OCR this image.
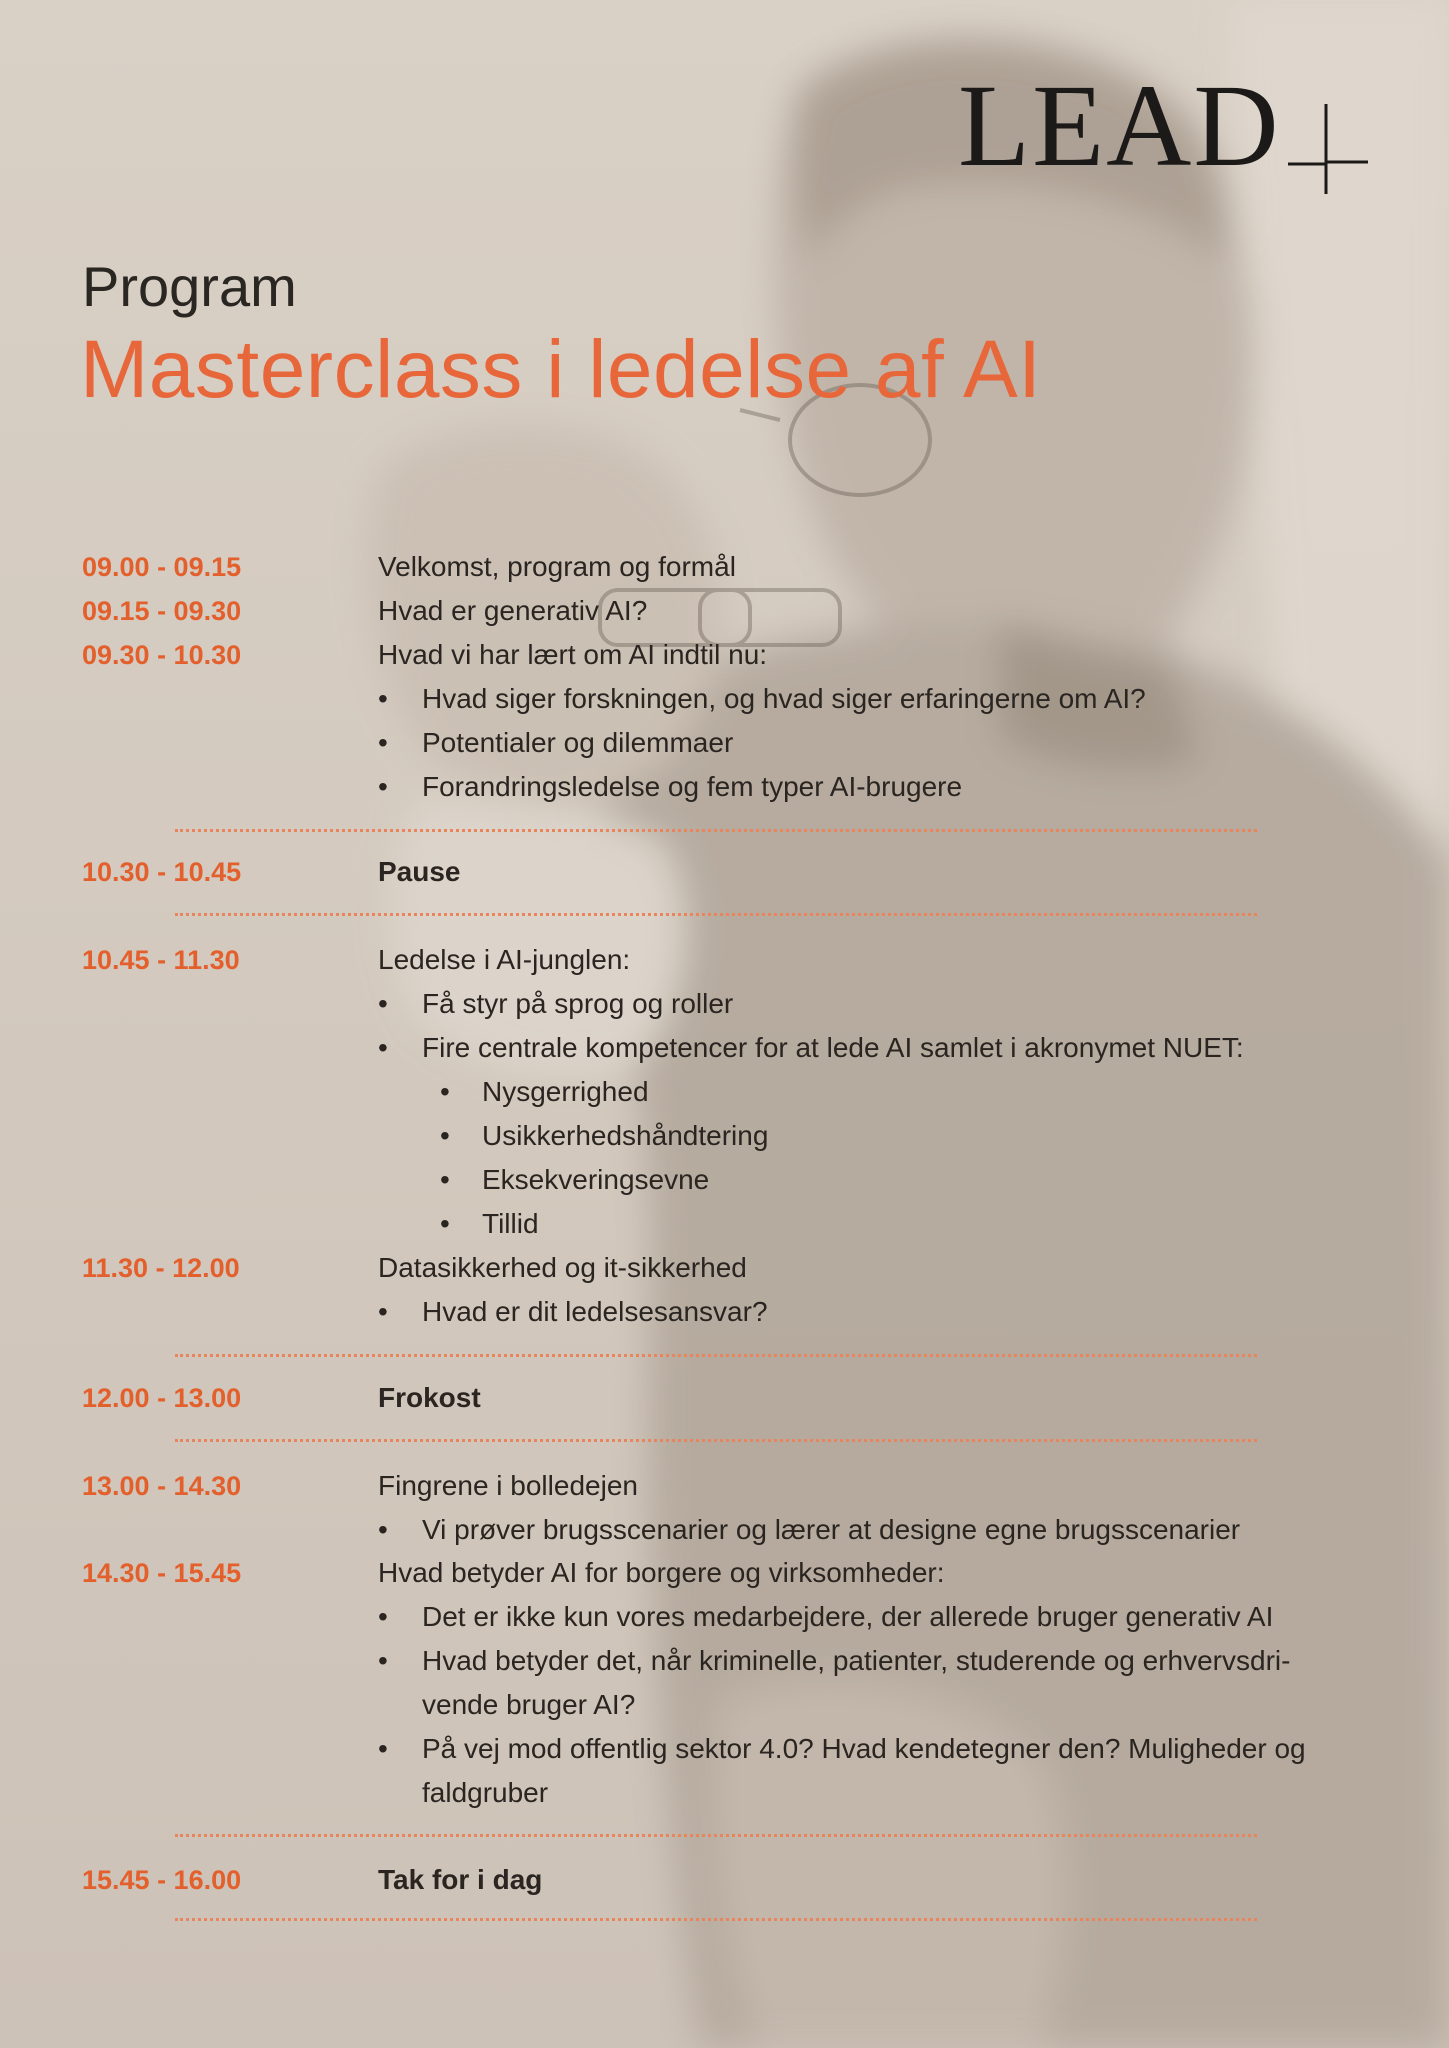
LEAD
Program
Masterclass i ledelse af AI
09.00 - 09.15	Velkomst, program og formål
09.15 - 09.30	Hvad er generativ AI?
09.30 - 10.30	Hvad vi har lært om AI indtil nu:
•	Hvad siger forskningen, og hvad siger erfaringerne om AI?
•	Potentialer og dilemmaer
•	Forandringsledelse og fem typer AI-brugere
10.30 - 10.45	Pause
10.45 - 11.30	Ledelse i AI-junglen:
•	Få styr på sprog og roller
•	Fire centrale kompetencer for at lede AI samlet i akronymet NUET:
•	Nysgerrighed
•	Usikkerhedshåndtering
•	Eksekveringsevne
•	Tillid
11.30 - 12.00	Datasikkerhed og it-sikkerhed
•	Hvad er dit ledelsesansvar?
12.00 - 13.00	Frokost
13.00 - 14.30	Fingrene i bolledejen
•	Vi prøver brugsscenarier og lærer at designe egne brugsscenarier
14.30 - 15.45	Hvad betyder AI for borgere og virksomheder:
•	Det er ikke kun vores medarbejdere, der allerede bruger generativ AI
•	Hvad betyder det, når kriminelle, patienter, studerende og erhvervsdri-
vende bruger AI?
•	På vej mod offentlig sektor 4.0? Hvad kendetegner den? Muligheder og
faldgruber
15.45 - 16.00	Tak for i dag
